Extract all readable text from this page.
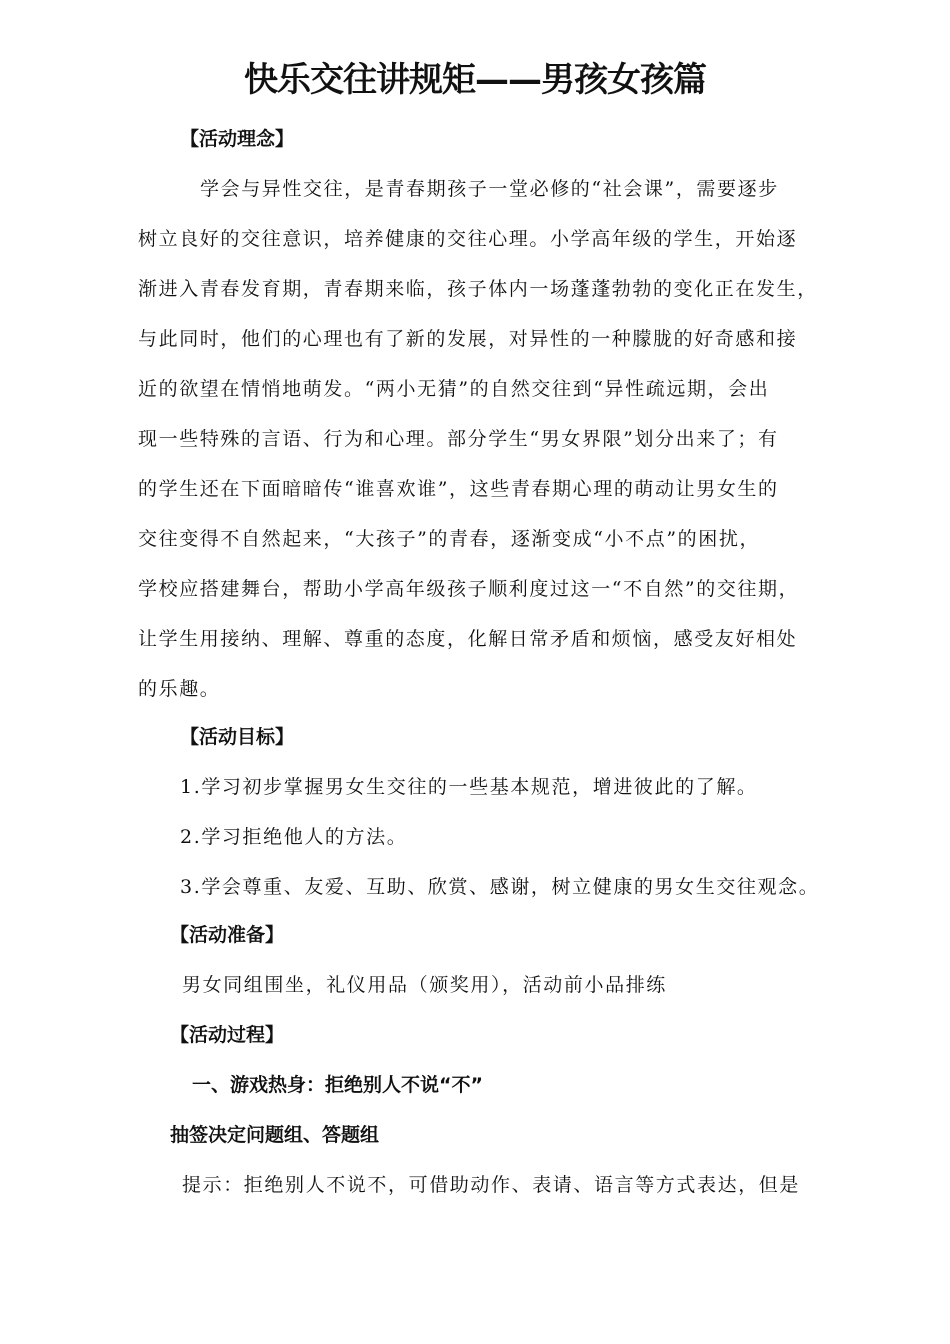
快乐交往讲规矩——男孩女孩篇
【活动理念】
学会与异性交往，是青春期孩子一堂必修的“社会课”，需要逐步
树立良好的交往意识，培养健康的交往心理。小学高年级的学生，开始逐
渐进入青春发育期，青春期来临，孩子体内一场蓬蓬勃勃的变化正在发生，
与此同时，他们的心理也有了新的发展，对异性的一种朦胧的好奇感和接
近的欲望在情悄地萌发。“两小无猜”的自然交往到“异性疏远期，会出
现一些特殊的言语、行为和心理。部分学生“男女界限”划分出来了；有
的学生还在下面暗暗传“谁喜欢谁”，这些青春期心理的萌动让男女生的
交往变得不自然起来，“大孩子”的青春，逐渐变成“小不点”的困扰，
学校应搭建舞台，帮助小学高年级孩子顺利度过这一“不自然”的交往期，
让学生用接纳、理解、尊重的态度，化解日常矛盾和烦恼，感受友好相处
的乐趣。
【活动目标】
1.学习初步掌握男女生交往的一些基本规范，增进彼此的了解。
2.学习拒绝他人的方法。
3.学会尊重、友爱、互助、欣赏、感谢，树立健康的男女生交往观念。
【活动准备】
男女同组围坐，礼仪用品（颁奖用），活动前小品排练
【活动过程】
一、游戏热身：拒绝别人不说“不”
抽签决定问题组、答题组
提示：拒绝别人不说不，可借助动作、表请、语言等方式表达，但是
